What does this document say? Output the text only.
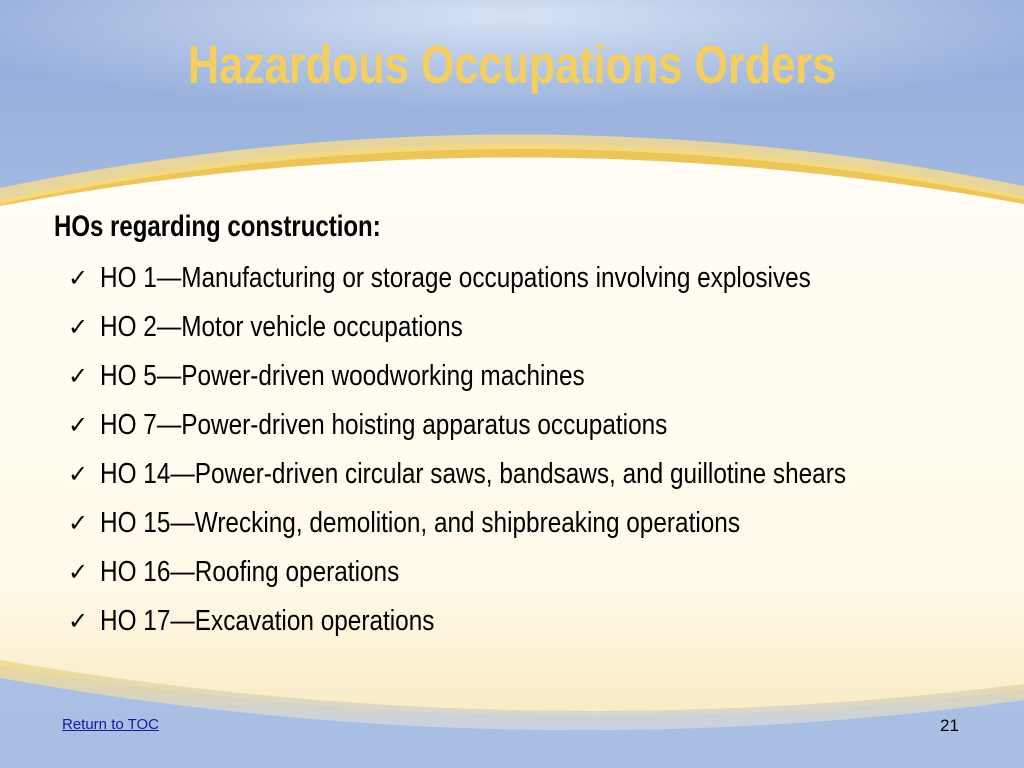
Hazardous Occupations Orders
HOs regarding construction:
✓ HO 1—Manufacturing or storage occupations involving explosives
✓ HO 2—Motor vehicle occupations
✓ HO 5—Power-driven woodworking machines
✓ HO 7—Power-driven hoisting apparatus occupations
✓ HO 14—Power-driven circular saws, bandsaws, and guillotine shears
✓ HO 15—Wrecking, demolition, and shipbreaking operations
✓ HO 16—Roofing operations
✓ HO 17—Excavation operations
Return to TOC	21
